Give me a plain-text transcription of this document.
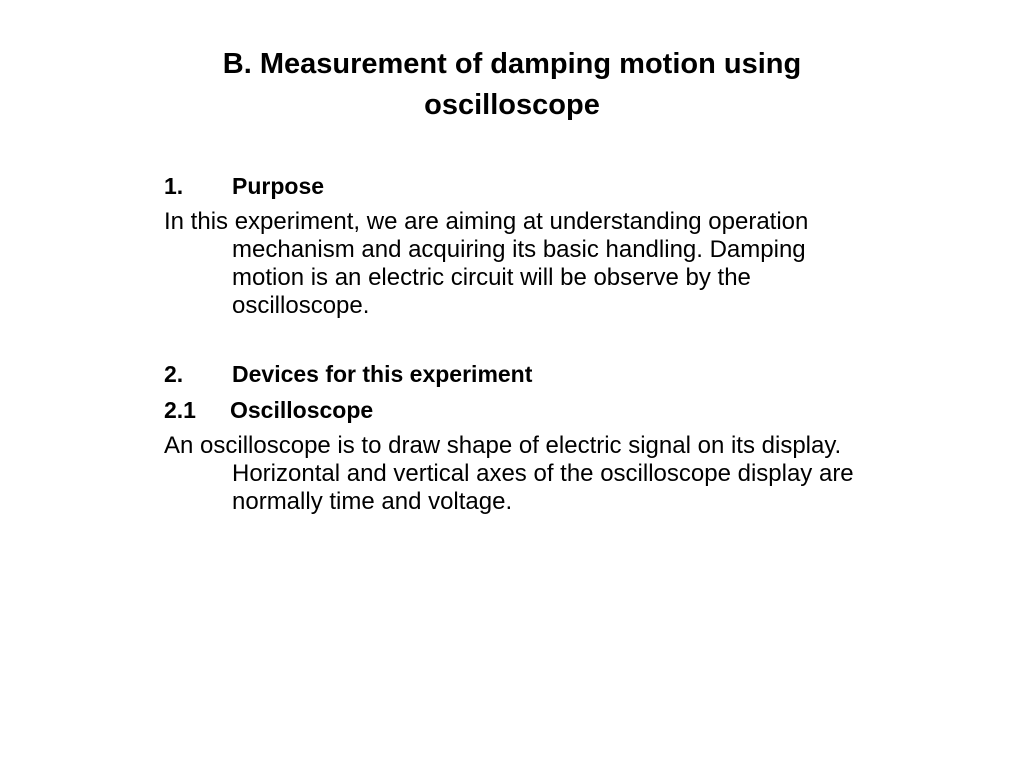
B. Measurement of damping motion using oscilloscope
1. Purpose
In this experiment, we are aiming at understanding operation mechanism and acquiring its basic handling. Damping motion is an electric circuit will be observe by the oscilloscope.
2. Devices for this experiment
2.1 Oscilloscope
An oscilloscope is to draw shape of electric signal on its display. Horizontal and vertical axes of the oscilloscope display are normally time and voltage.
